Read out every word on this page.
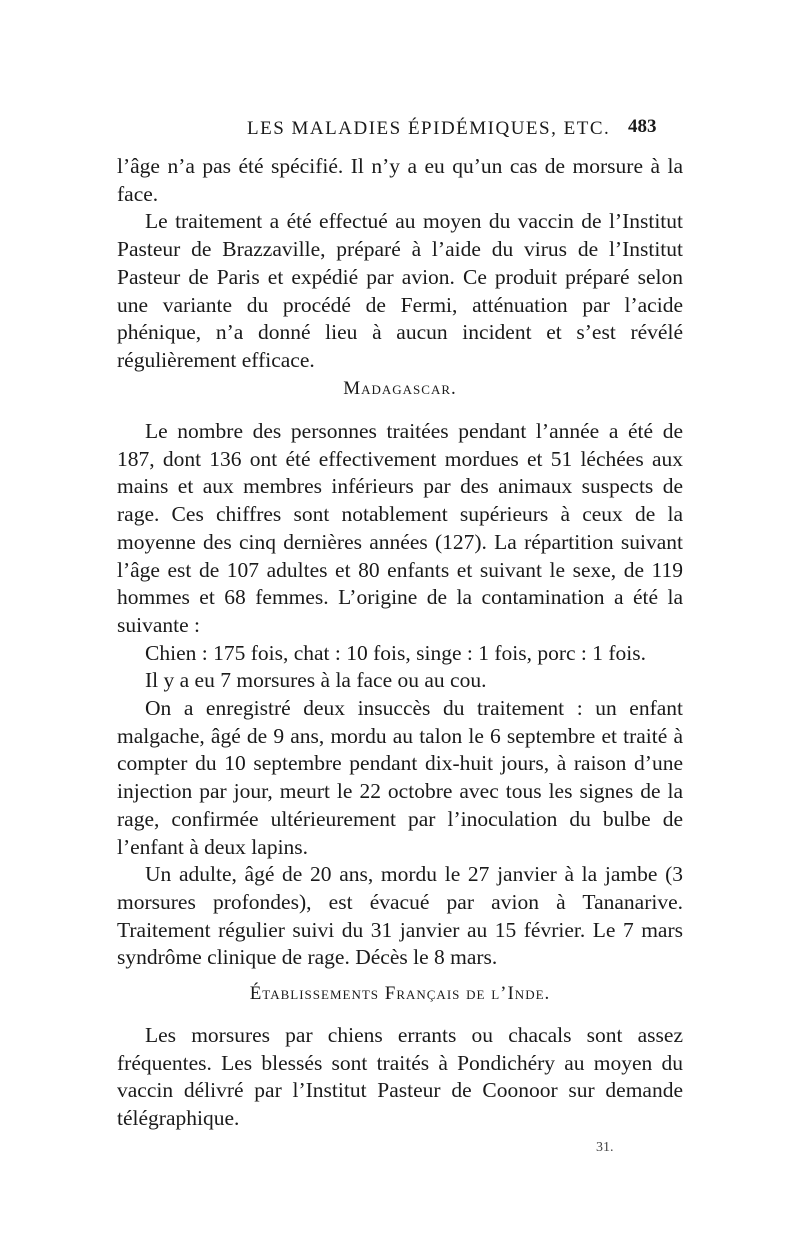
LES MALADIES ÉPIDÉMIQUES, ETC. 483

l’âge n’a pas été spécifié. Il n’y a eu qu’un cas de morsure à la face.

Le traitement a été effectué au moyen du vaccin de l’Institut Pasteur de Brazzaville, préparé à l’aide du virus de l’Institut Pasteur de Paris et expédié par avion. Ce produit préparé selon une variante du procédé de Fermi, atténuation par l’acide phénique, n’a donné lieu à aucun incident et s’est révélé régulièrement efficace.

Madagascar.

Le nombre des personnes traitées pendant l’année a été de 187, dont 136 ont été effectivement mordues et 51 léchées aux mains et aux membres inférieurs par des animaux suspects de rage. Ces chiffres sont notablement supérieurs à ceux de la moyenne des cinq dernières années (127). La répartition suivant l’âge est de 107 adultes et 80 enfants et suivant le sexe, de 119 hommes et 68 femmes. L’origine de la contamination a été la suivante :

Chien : 175 fois, chat : 10 fois, singe : 1 fois, porc : 1 fois.

Il y a eu 7 morsures à la face ou au cou.

On a enregistré deux insuccès du traitement : un enfant malgache, âgé de 9 ans, mordu au talon le 6 septembre et traité à compter du 10 septembre pendant dix-huit jours, à raison d’une injection par jour, meurt le 22 octobre avec tous les signes de la rage, confirmée ultérieurement par l’inoculation du bulbe de l’enfant à deux lapins.

Un adulte, âgé de 20 ans, mordu le 27 janvier à la jambe (3 morsures profondes), est évacué par avion à Tananarive. Traitement régulier suivi du 31 janvier au 15 février. Le 7 mars syndrôme clinique de rage. Décès le 8 mars.

Établissements Français de l’Inde.

Les morsures par chiens errants ou chacals sont assez fréquentes. Les blessés sont traités à Pondichéry au moyen du vaccin délivré par l’Institut Pasteur de Coonoor sur demande télégraphique.

31.
